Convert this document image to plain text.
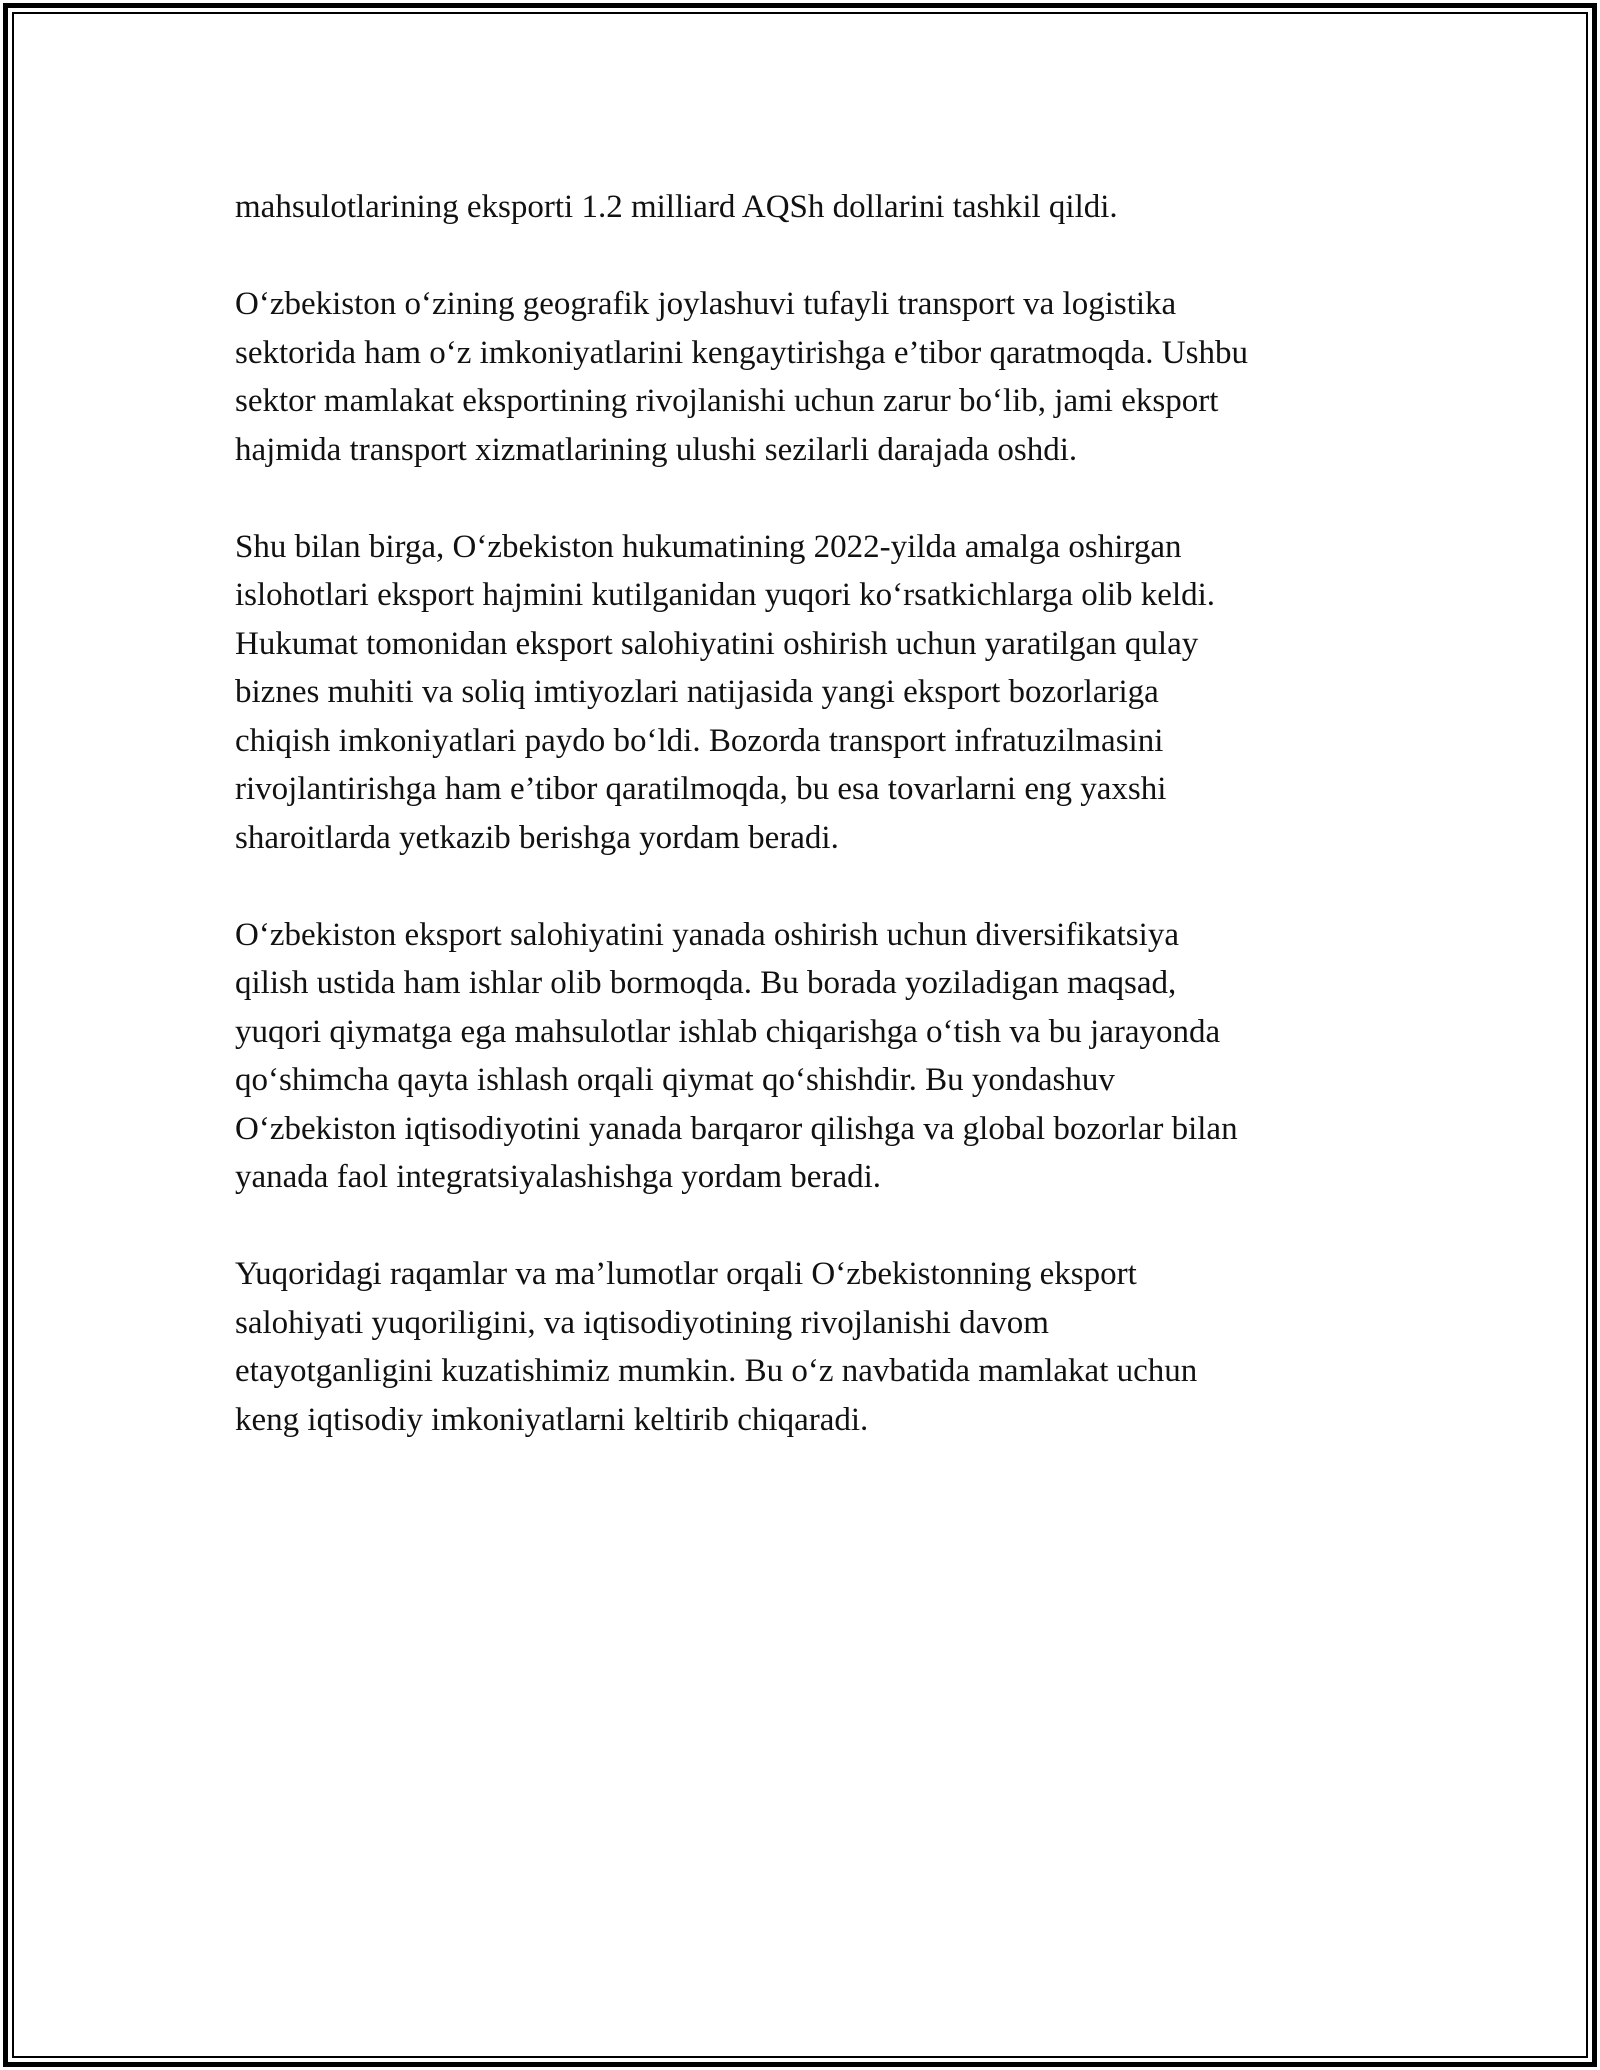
mahsulotlarining eksporti 1.2 milliard AQSh dollarini tashkil qildi.

O‘zbekiston o‘zining geografik joylashuvi tufayli transport va logistika
sektorida ham o‘z imkoniyatlarini kengaytirishga e’tibor qaratmoqda. Ushbu
sektor mamlakat eksportining rivojlanishi uchun zarur bo‘lib, jami eksport
hajmida transport xizmatlarining ulushi sezilarli darajada oshdi.

Shu bilan birga, O‘zbekiston hukumatining 2022-yilda amalga oshirgan
islohotlari eksport hajmini kutilganidan yuqori ko‘rsatkichlarga olib keldi.
Hukumat tomonidan eksport salohiyatini oshirish uchun yaratilgan qulay
biznes muhiti va soliq imtiyozlari natijasida yangi eksport bozorlariga
chiqish imkoniyatlari paydo bo‘ldi. Bozorda transport infratuzilmasini
rivojlantirishga ham e’tibor qaratilmoqda, bu esa tovarlarni eng yaxshi
sharoitlarda yetkazib berishga yordam beradi.

O‘zbekiston eksport salohiyatini yanada oshirish uchun diversifikatsiya
qilish ustida ham ishlar olib bormoqda. Bu borada yoziladigan maqsad,
yuqori qiymatga ega mahsulotlar ishlab chiqarishga o‘tish va bu jarayonda
qo‘shimcha qayta ishlash orqali qiymat qo‘shishdir. Bu yondashuv
O‘zbekiston iqtisodiyotini yanada barqaror qilishga va global bozorlar bilan
yanada faol integratsiyalashishga yordam beradi.

Yuqoridagi raqamlar va ma’lumotlar orqali O‘zbekistonning eksport
salohiyati yuqoriligini, va iqtisodiyotining rivojlanishi davom
etayotganligini kuzatishimiz mumkin. Bu o‘z navbatida mamlakat uchun
keng iqtisodiy imkoniyatlarni keltirib chiqaradi.
